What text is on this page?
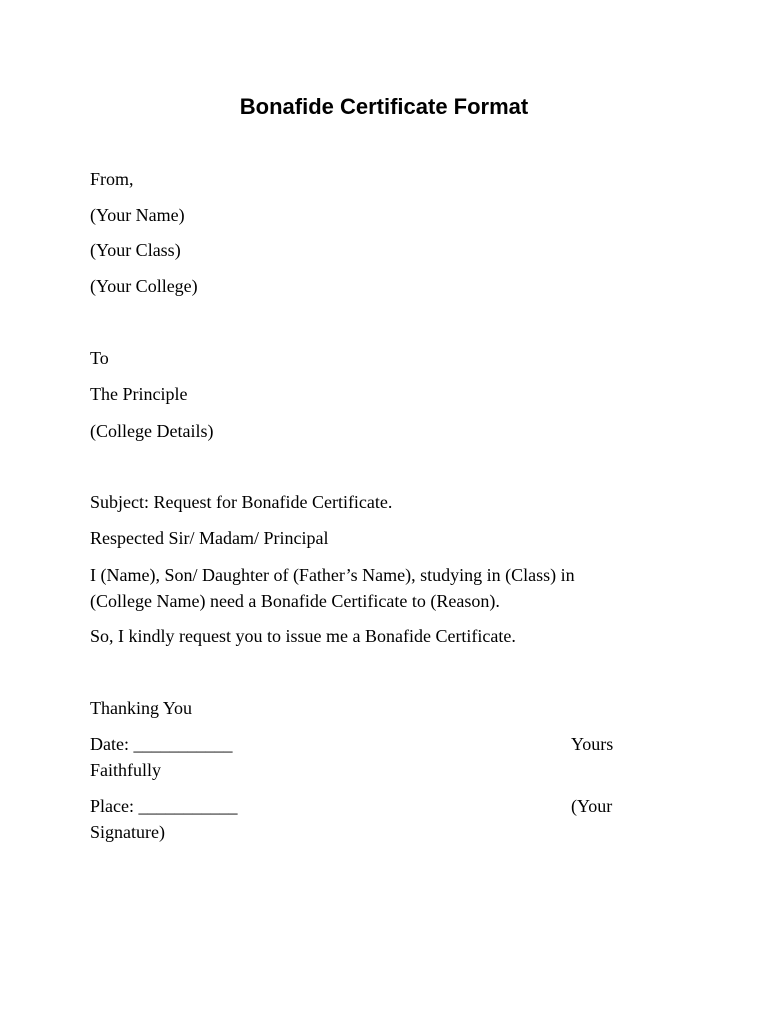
Bonafide Certificate Format
From,
(Your Name)
(Your Class)
(Your College)
To
The Principle
(College Details)
Subject: Request for Bonafide Certificate.
Respected Sir/ Madam/ Principal
I (Name), Son/ Daughter of (Father’s Name), studying in (Class) in
(College Name) need a Bonafide Certificate to (Reason).
So, I kindly request you to issue me a Bonafide Certificate.
Thanking You
Date: ___________	Yours
Faithfully
Place: ___________	(Your
Signature)
